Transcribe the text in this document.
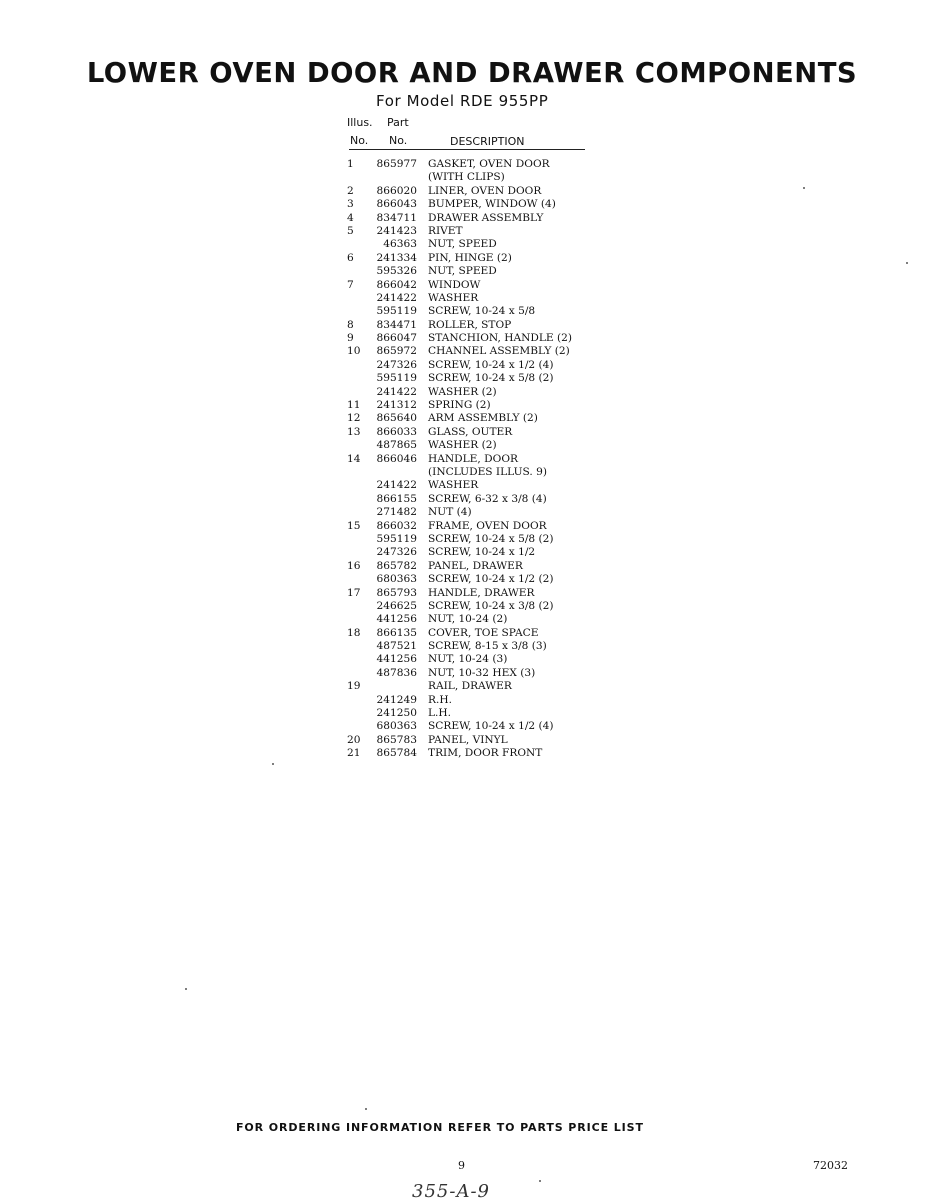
LOWER OVEN DOOR AND DRAWER COMPONENTS
For Model RDE 955PP
Illus. Part
No. No.	DESCRIPTION
1	865977 GASKET, OVEN DOOR
(WITH CLIPS)
2	866020 LINER, OVEN DOOR
3	866043 BUMPER, WINDOW (4)
4	834711 DRAWER ASSEMBLY
5	241423 RIVET
46363 NUT, SPEED
6	241334 PIN, HINGE (2)
595326 NUT, SPEED
7	866042 WINDOW
241422 WASHER
595119 SCREW, 10-24 x 5/8
8	834471 ROLLER, STOP
9	866047 STANCHION, HANDLE (2)
10	865972 CHANNEL ASSEMBLY (2)
247326 SCREW, 10-24 x 1/2 (4)
595119 SCREW, 10-24 x 5/8 (2)
241422 WASHER (2)
11	241312 SPRING (2)
12	865640 ARM ASSEMBLY (2)
13	866033 GLASS, OUTER
487865 WASHER (2)
14	866046 HANDLE, DOOR
(INCLUDES ILLUS. 9)
241422 WASHER
866155 SCREW, 6-32 x 3/8 (4)
271482 NUT (4)
15	866032 FRAME, OVEN DOOR
595119 SCREW, 10-24 x 5/8 (2)
247326 SCREW, 10-24 x 1/2
16	865782 PANEL, DRAWER
680363 SCREW, 10-24 x 1/2 (2)
17	865793 HANDLE, DRAWER
246625 SCREW, 10-24 x 3/8 (2)
441256 NUT, 10-24 (2)
18	866135 COVER, TOE SPACE
487521 SCREW, 8-15 x 3/8 (3)
441256 NUT, 10-24 (3)
487836 NUT, 10-32 HEX (3)
19	RAIL, DRAWER
241249 R.H.
241250 L.H.
680363 SCREW, 10-24 x 1/2 (4)
20	865783 PANEL, VINYL
21	865784 TRIM, DOOR FRONT
FOR ORDERING INFORMATION REFER TO PARTS PRICE LIST
9	72032
355-A-9
